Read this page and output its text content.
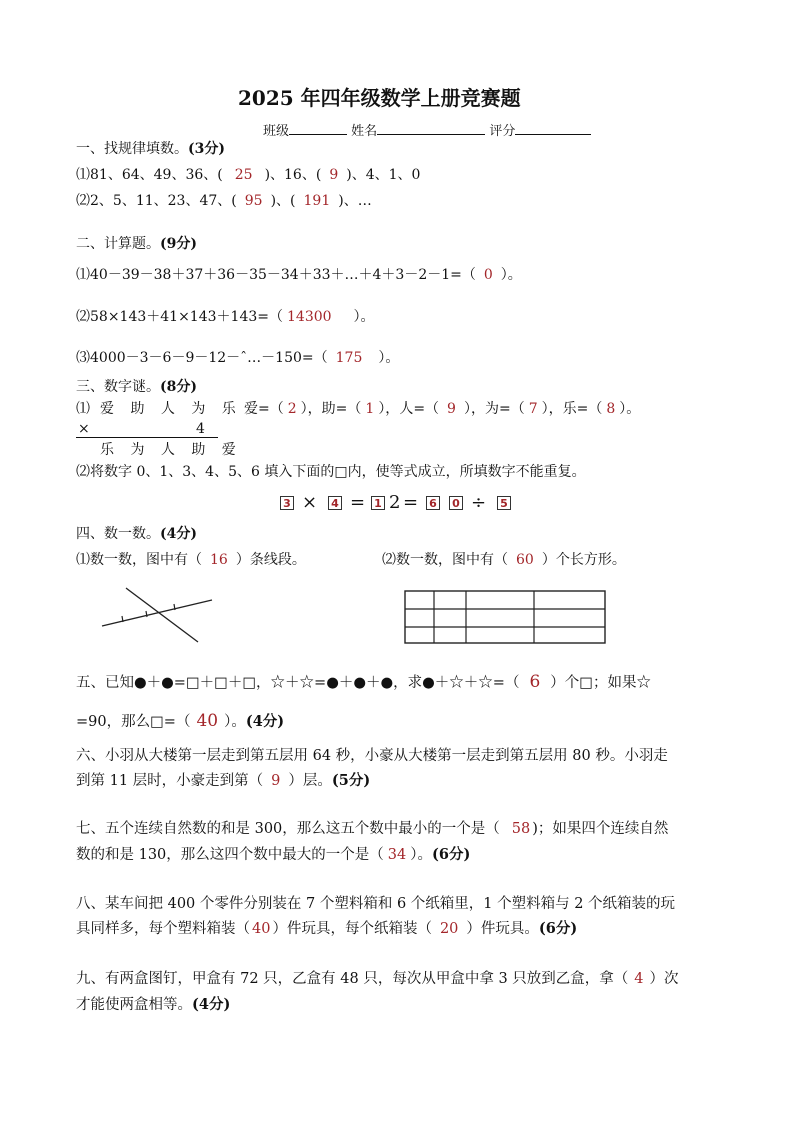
2025 年四年级数学上册竞赛题
班级	姓名	评分
一、找规律填数。(3分)
⑴81、64、49、36、( 25 )、16、( 9 )、4、1、0
⑵2、5、11、23、47、( 95 )、( 191 )、…
二、计算题。(9分)
⑴40－39－38＋37＋36－35－34＋33＋…＋4＋3－2－1=（ 0 ）。
⑵58×143＋41×143＋143=（ 14300 ）。
⑶4000－3－6－9－12－ˆ…－150=（ 175 ）。
三、数字谜。(8分)
⑴ 爱 助 人 为 乐
×	4
乐 为 人 助 爱
爱=（ 2 ），助=（ 1 ），人=（ 9 ），为=（ 7 ），乐=（ 8 ）。
⑵将数字 0、1、3、4、5、6 填入下面的□内，使等式成立，所填数字不能重复。
3 × 4 = 1 2 = 6 0 ÷ 5
四、数一数。(4分)
⑴数一数，图中有（ 16 ）条线段。	⑵数一数，图中有（ 60 ）个长方形。
五、已知●＋●=□＋□＋□，☆＋☆=●＋●＋●，求●＋☆＋☆=（ 6 ）个□；如果☆
=90，那么□=（ 40 ）。(4分)
六、小羽从大楼第一层走到第五层用 64 秒，小豪从大楼第一层走到第五层用 80 秒。小羽走
到第 11 层时，小豪走到第（ 9 ）层。(5分)
七、五个连续自然数的和是 300，那么这五个数中最小的一个是（ 58 )；如果四个连续自然
数的和是 130，那么这四个数中最大的一个是（ 34 ）。(6分)
八、某车间把 400 个零件分别装在 7 个塑料箱和 6 个纸箱里，1 个塑料箱与 2 个纸箱装的玩
具同样多，每个塑料箱装（ 40 ）件玩具，每个纸箱装（ 20 ）件玩具。(6分)
九、有两盒图钉，甲盒有 72 只，乙盒有 48 只，每次从甲盒中拿 3 只放到乙盒，拿（ 4 ）次
才能使两盒相等。(4分)
